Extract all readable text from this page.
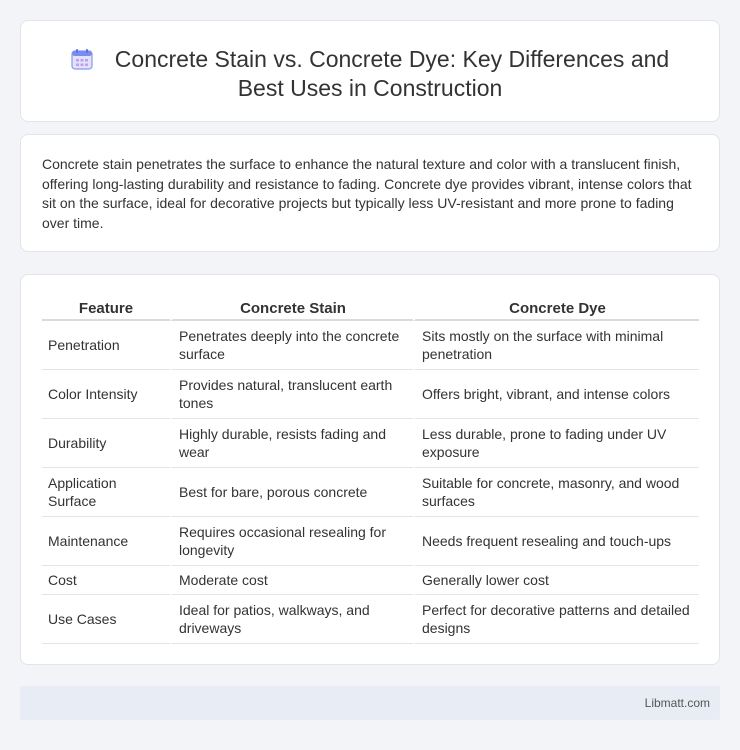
Concrete Stain vs. Concrete Dye: Key Differences and Best Uses in Construction

Concrete stain penetrates the surface to enhance the natural texture and color with a translucent finish, offering long-lasting durability and resistance to fading. Concrete dye provides vibrant, intense colors that sit on the surface, ideal for decorative projects but typically less UV-resistant and more prone to fading over time.

Feature	Concrete Stain	Concrete Dye
Penetration	Penetrates deeply into the concrete surface	Sits mostly on the surface with minimal penetration
Color Intensity	Provides natural, translucent earth tones	Offers bright, vibrant, and intense colors
Durability	Highly durable, resists fading and wear	Less durable, prone to fading under UV exposure
Application Surface	Best for bare, porous concrete	Suitable for concrete, masonry, and wood surfaces
Maintenance	Requires occasional resealing for longevity	Needs frequent resealing and touch-ups
Cost	Moderate cost	Generally lower cost
Use Cases	Ideal for patios, walkways, and driveways	Perfect for decorative patterns and detailed designs
Libmatt.com
